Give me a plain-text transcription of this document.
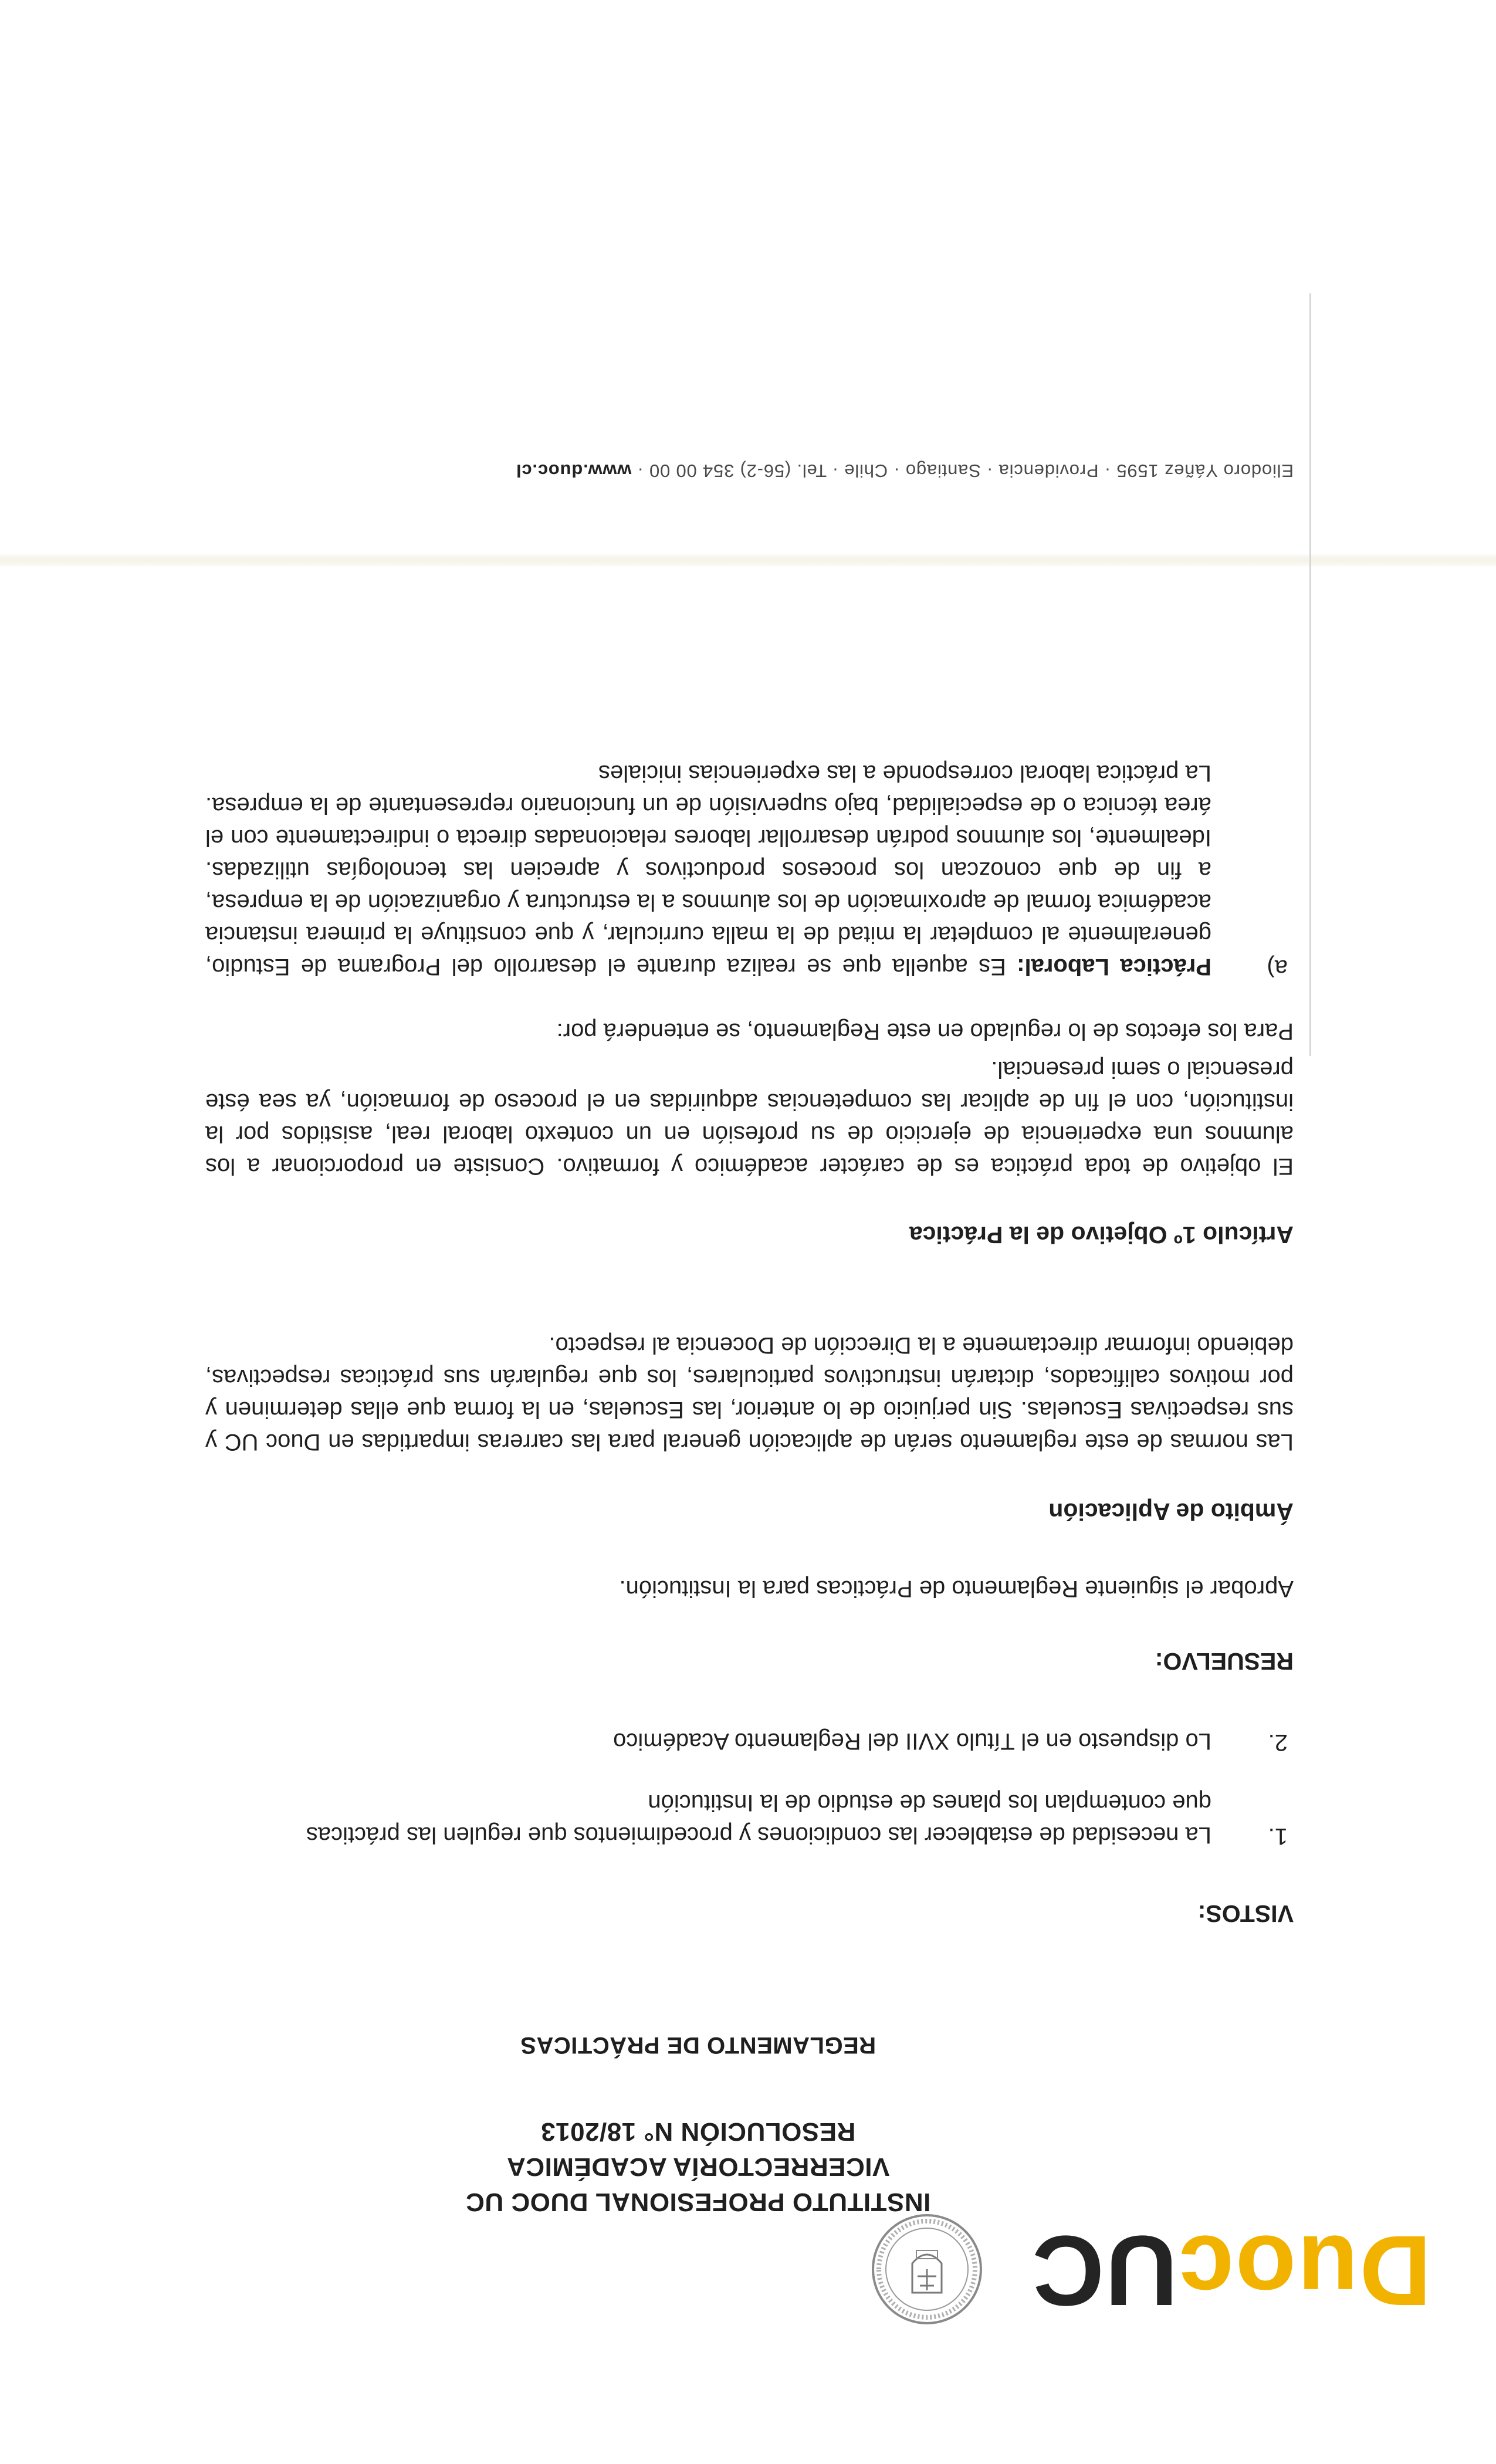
DuocUC
INSTITUTO PROFESIONAL DUOC UC
VICERRECTORÍA ACADÉMICA
RESOLUCIÓN N° 18/2013
REGLAMENTO DE PRÁCTICAS
VISTOS:
1.
La necesidad de establecer las condiciones y procedimientos que regulen las prácticas que contemplan los planes de estudio de la Institución
2.
Lo dispuesto en el Título XVII del Reglamento Académico
RESUELVO:
Aprobar el siguiente Reglamento de Prácticas para la Institución.
Ámbito de Aplicación
Las normas de este reglamento serán de aplicación general para las carreras impartidas en Duoc UC y sus respectivas Escuelas. Sin perjuicio de lo anterior, las Escuelas, en la forma que ellas determinen y por motivos calificados, dictarán instructivos particulares, los que regularán sus prácticas respectivas, debiendo informar directamente a la Dirección de Docencia al respecto.
Artículo 1º Objetivo de la Práctica
El objetivo de toda práctica es de carácter académico y formativo. Consiste en proporcionar a los alumnos una experiencia de ejercicio de su profesión en un contexto laboral real, asistidos por la institución, con el fin de aplicar las competencias adquiridas en el proceso de formación, ya sea éste presencial o semi presencial.
Para los efectos de lo regulado en este Reglamento, se entenderá por:
a)
Práctica Laboral: Es aquella que se realiza durante el desarrollo del Programa de Estudio, generalmente al completar la mitad de la malla curricular, y que constituye la primera instancia académica formal de aproximación de los alumnos a la estructura y organización de la empresa, a fin de que conozcan los procesos productivos y aprecien las tecnologías utilizadas. Idealmente, los alumnos podrán desarrollar labores relacionadas directa o indirectamente con el área técnica o de especialidad, bajo supervisión de un funcionario representante de la empresa. La práctica laboral corresponde a las experiencias iniciales
Eliodoro Yáñez 1595 · Providencia · Santiago · Chile · Tel. (56-2) 354 00 00 · www.duoc.cl
